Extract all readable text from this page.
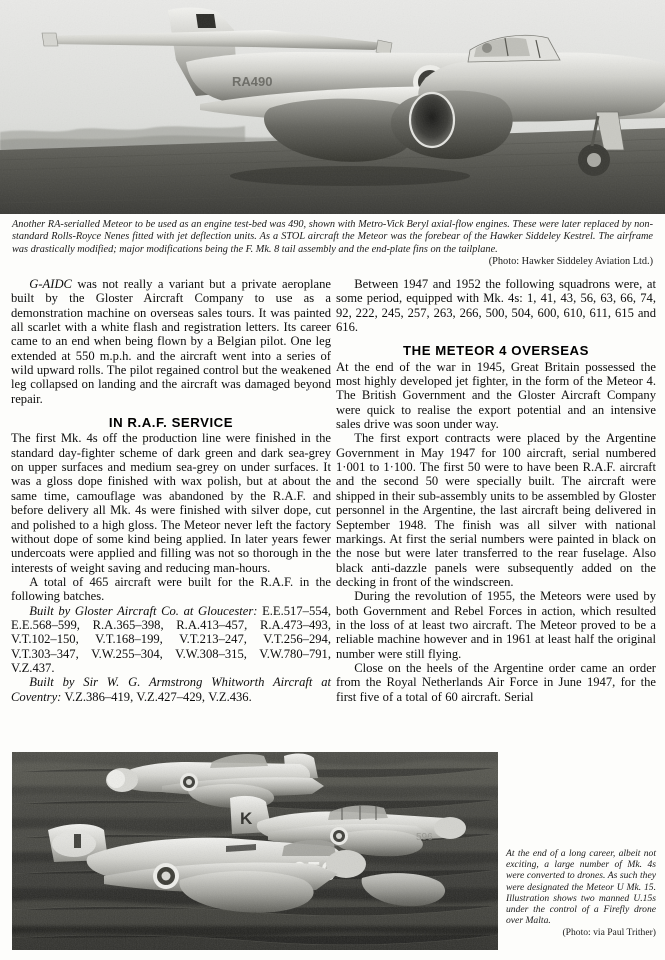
Another RA-serialled Meteor to be used as an engine test-bed was 490, shown with Metro-Vick Beryl axial-flow engines. These were later replaced by non-standard Rolls-Royce Nenes fitted with jet deflection units. As a STOL aircraft the Meteor was the forebear of the Hawker Siddeley Kestrel. The airframe was drastically modified; major modifications being the F. Mk. 8 tail assembly and the end-plate fins on the tailplane.
(Photo: Hawker Siddeley Aviation Ltd.)

G-AIDC was not really a variant but a private aeroplane built by the Gloster Aircraft Company to use as a demonstration machine on overseas sales tours. It was painted all scarlet with a white flash and registration letters. Its career came to an end when being flown by a Belgian pilot. One leg extended at 550 m.p.h. and the aircraft went into a series of wild upward rolls. The pilot regained control but the weakened leg collapsed on landing and the aircraft was damaged beyond repair.

IN R.A.F. SERVICE

The first Mk. 4s off the production line were finished in the standard day-fighter scheme of dark green and dark sea-grey on upper surfaces and medium sea-grey on under surfaces. It was a gloss dope finished with wax polish, but at about the same time, camouflage was abandoned by the R.A.F. and before delivery all Mk. 4s were finished with silver dope, cut and polished to a high gloss. The Meteor never left the factory without dope of some kind being applied. In later years fewer undercoats were applied and filling was not so thorough in the interests of weight saving and reducing man-hours.

A total of 465 aircraft were built for the R.A.F. in the following batches.

Built by Gloster Aircraft Co. at Gloucester: E.E.517–554, E.E.568–599, R.A.365–398, R.A.413–457, R.A.473–493, V.T.102–150, V.T.168–199, V.T.213–247, V.T.256–294, V.T.303–347, V.W.255–304, V.W.308–315, V.W.780–791, V.Z.437.

Built by Sir W. G. Armstrong Whitworth Aircraft at Coventry: V.Z.386–419, V.Z.427–429, V.Z.436.

Between 1947 and 1952 the following squadrons were, at some period, equipped with Mk. 4s: 1, 41, 43, 56, 63, 66, 74, 92, 222, 245, 257, 263, 266, 500, 504, 600, 610, 611, 615 and 616.

THE METEOR 4 OVERSEAS

At the end of the war in 1945, Great Britain possessed the most highly developed jet fighter, in the form of the Meteor 4. The British Government and the Gloster Aircraft Company were quick to realise the export potential and an intensive sales drive was soon under way.

The first export contracts were placed by the Argentine Government in May 1947 for 100 aircraft, serial numbered 1·001 to 1·100. The first 50 were to have been R.A.F. aircraft and the second 50 were specially built. The aircraft were shipped in their sub-assembly units to be assembled by Gloster personnel in the Argentine, the last aircraft being delivered in September 1948. The finish was all silver with national markings. At first the serial numbers were painted in black on the nose but were later transferred to the rear fuselage. Also black anti-dazzle panels were subsequently added on the decking in front of the windscreen.

During the revolution of 1955, the Meteors were used by both Government and Rebel Forces in action, which resulted in the loss of at least two aircraft. The Meteor proved to be a reliable machine however and in 1961 at least half the original number were still flying.

Close on the heels of the Argentine order came an order from the Royal Netherlands Air Force in June 1947, for the first five of a total of 60 aircraft. Serial

At the end of a long career, albeit not exciting, a large number of Mk. 4s were converted to drones. As such they were designated the Meteor U Mk. 15. Illustration shows two manned U.15s under the control of a Firefly drone over Malta.
(Photo: via Paul Trither)
